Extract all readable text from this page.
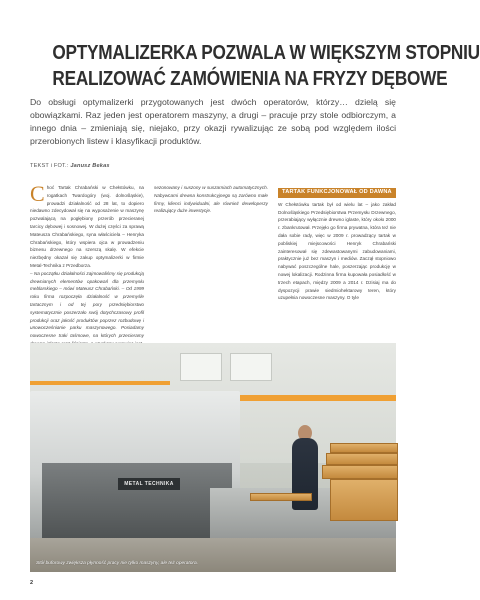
OPTYMALIZERKA POZWALA W WIĘKSZYM STOPNIU
REALIZOWAĆ ZAMÓWIENIA NA FRYZY DĘBOWE
Do obsługi optymalizerki przygotowanych jest dwóch operatorów, którzy… dzielą się obowiązkami. Raz jeden jest operatorem maszyny, a drugi – pracuje przy stole odbiorczym, a innego dnia – zmieniają się, niejako, przy okazji rywalizując ze sobą pod względem ilości przerobionych listew i klasyfikacji produktów.
TEKST i FOT.: Janusz Bekas
C hoć Tartak Chrabański w Chełstówku, na rogatkach Twardogóry (woj. dolnośląskie), prowadzi działalność od 28 lat, to dopiero niedawno zdecydował się na wyposażenie w maszynę pozwalającą na pogłębiony przerób przecieranej tarcicy dębowej i sosnowej. W dużej części za sprawą Mateusza Chrabańskiego, syna właściciela – Henryka Chrabańskiego, który wspiera ojca w prowadzeniu biznesu drzewnego na szerszą skalę. W efekcie niezbędny okazał się zakup optymalizerki w firmie Metal-Technika z Przedborza.

– Na początku działalności zajmowaliśmy się produkcją drewnianych elementów opakowań dla przemysłu meblarskiego – mówi Mateusz Chrabański. – Od 1999 roku firma rozpoczęła działalność w przemyśle tartacznym i od tej pory przedsiębiorstwo systematycznie poszerzało swój dotychczasowy profil produkcji oraz jakość produktów poprzez rozbudowę i unowocześnianie parku maszynowego. Posiadamy nowoczesne traki taśmowe, na których przecieramy

sezonowany i suszony w suszarniach automatycznych. Nabywcami drewna konstrukcyjnego są zarówno małe firmy, klienci indywidualni, ale również deweloperzy realizujący duże inwestycje.

TARTAK FUNKCJONOWAŁ OD DAWNA

W Chełstówku tartak był od wielu lat – jako zakład Dolnośląskiego Przedsiębiorstwa Przemysłu Drzewnego, przerabiający wyłącznie drewno iglaste, który około 2000 r. zbankrutował. Przejęło go firma prywatna, która też nie dała sobie rady, więc w 2009 r. prowadzący tartak w pobliskiej miejscowości Henryk Chrabański zainteresował się zdewastowanymi zabudowaniami, praktycznie już bez maszyn i mediów. Zaczął stopniowo nabywać poszczególne hale, poszerzając produkcję w nowej lokalizacji. Rodzinna firma kupowała posiadłość w trzech etapach, między 2009 a 2014 r. Dzisiaj ma do dyspozycji prawie siedmiohektarowy teren, który uzupełnia nowoczesne maszyny. O tyle

METAL TECHNIKA
Stół buforowy zwiększa płynność pracy nie tylko maszyny, ale też operatora.
2
